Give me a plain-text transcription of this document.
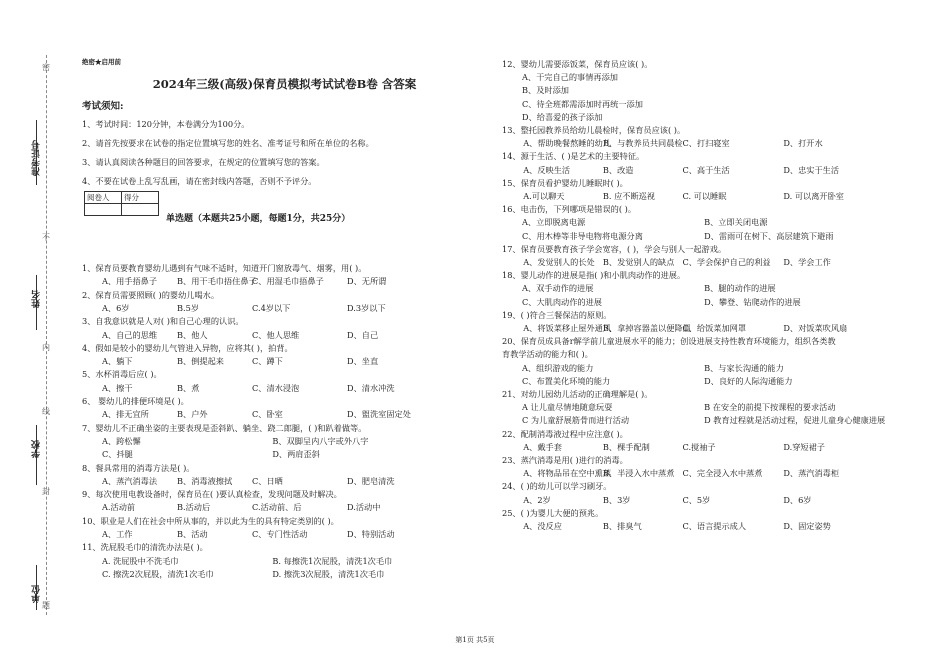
准考证号
姓名
学校
单位
密
不
内
线
封
题
绝密★启用前
2024年三级(高级)保育员模拟考试试卷B卷 含答案
考试须知:
1、考试时间：120分钟，本卷满分为100分。
2、请首先按要求在试卷的指定位置填写您的姓名、准考证号和所在单位的名称。
3、请认真阅读各种题目的回答要求，在规定的位置填写您的答案。
4、不要在试卷上乱写乱画，请在密封线内答题，否则不予评分。
阅卷人	得分

单选题（本题共25小题，每题1分，共25分）
1、保育员要教育婴幼儿遇到有气味不适时，知道开门窗放毒气、烟雾，用( )。
A、用手捂鼻子 B、用干毛巾捂住鼻子
C、用湿毛巾捂鼻子	D、无所谓
2、保育员需要照顾( )的婴幼儿喝水。
A、6岁	B.5岁	C.4岁以下	D.3岁以下
3、自我意识就是人对( )和自己心理的认识。
A、自己的思维 B、他人	C、他人思维	D、自己
4、假如是较小的婴幼儿气管进入异物，应将其( )，拍背。
A、躺下	B、倒提起来	C、蹲下	D、坐直
5、水杯消毒后应( )。
A、擦干	B、煮	C、清水浸泡	D、清水冲洗
6、 婴幼儿的排便环境是( )。
A、排无宜所	B、户外	C、卧室	D、盥洗室固定处
7、婴幼儿不正确坐姿的主要表现是歪斜趴、躺坐、跷二郎腿，( )和趴着做等。
A、跨松懈	B、双脚呈内八字或外八字
C、抖腿	D、两肩歪斜
8、餐具常用的消毒方法是( )。
A、蒸汽消毒法 B、消毒液擦拭 C、日晒	D、肥皂清洗
9、每次使用电教设备时，保育员在( )要认真检查，发现问题及时解决。
A.活动前	B.活动后	C.活动前、后	D.活动中
10、职业是人们在社会中所从事的，并以此为生的具有特定类别的( )。
A、工作	B、活动	C、专门性活动	D、特别活动
11、洗屁股毛巾的清洗办法是( )。
A. 洗屁股中不洗毛巾	B. 每擦洗1次屁股，清洗1次毛巾
C. 擦洗2次屁股，清洗1次毛巾	D. 擦洗3次屁股，清洗1次毛巾
12、婴幼儿需要添饭菜，保育员应该( )。
A、干完自己的事情再添加
B、及时添加
C、待全班都需添加时再统一添加
D、给喜爱的孩子添加
13、整托园教养员给幼儿晨检时，保育员应该( )。
A、帮助晚餐熬睡的幼儿
B、与教养员共同晨检 C、打扫寝室	D、打开水
14、源于生活、( )是艺术的主要特征。
A、反映生活	B、改造	C、高于生活	D、忠实于生活
15、保育员看护婴幼儿睡眠时( )。
A.可以聊天	B. 应不断巡视	C. 可以睡眠	D. 可以离开卧室
16、电击伤，下列哪项是错误的( )。
A、立即脱离电源	B、立即关闭电源
C、用木棒等非导电物将电源分离	D、雷雨可在树下、高层建筑下避雨
17、保育员要教育孩子学会宽容，( )，学会与别人一起游戏。
A、发觉别人的长处 B、发觉别人的缺点 C、学会保护自己的利益 D、学会工作
18、婴儿动作的进展是指( )和小肌肉动作的进展。
A、双手动作的进展	B、腿的动作的进展
C、大肌肉动作的进展	D、攀登、钻爬动作的进展
19、( )符合三餐保洁的原则。
A、将饭菜移止屋外通风
B、拿掉容器盖以便降温
C、给饭菜加网罩	D、对饭菜吹风扇
20、保育员成具备r解学前儿童进展水平的能力；创设进展支持性教育环境能力，组织各类教
育教学活动的能力和( )。
A、组织游戏的能力	B、与家长沟通的能力
C、布置美化环境的能力	D、良好的人际沟通能力
21、对幼儿园幼儿活动的正确理解是( )。
A 让儿童尽情地随意玩耍	B 在安全的前提下按课程的要求活动
C 为儿童舒展筋骨而进行活动	D 教育过程就是活动过程，促进儿童身心健康进展
22、配制消毒液过程中应注意( )。
A、戴手套	B、棵手配制	C.搅袖子	D.穿短裙子
23、蒸汽消毒是用( )进行的消毒。
A、将物品吊在空中熏蒸
B、半浸入水中蒸煮 C、完全浸入水中蒸煮	D、蒸汽消毒柜
24、( )的幼儿可以学习刷牙。
A、2岁	B、3岁	C、5岁	D、6岁
25、( )为婴儿大便的预兆。
A、没反应	B、排臭气	C、语言提示成人	D、固定姿势
第1页 共5页
